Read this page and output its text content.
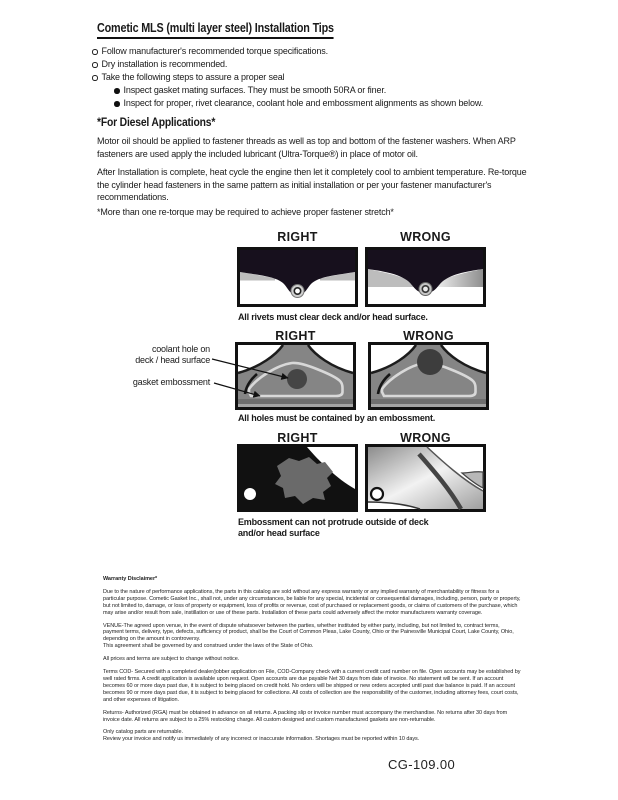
Cometic MLS (multi layer steel) Installation Tips
Follow manufacturer's recommended torque specifications.
Dry installation is recommended.
Take the following steps to assure a proper seal
Inspect gasket mating surfaces. They must be smooth 50RA or finer.
Inspect for proper, rivet clearance, coolant hole and embossment alignments as shown below.
*For Diesel Applications*
Motor oil should be applied to fastener threads as well as top and bottom of the fastener washers. When ARP fasteners are used apply the included lubricant (Ultra-Torque®) in place of motor oil.
After Installation is complete, heat cycle the engine then let it completely cool to ambient temperature. Re-torque the cylinder head fasteners in the same pattern as initial installation or per your fastener manufacturer's recommendations.
*More than one re-torque may be required to achieve proper fastener stretch*
RIGHT	WRONG
All rivets must clear deck and/or head surface.
RIGHT	WRONG
coolant hole on
deck / head surface
gasket embossment
All holes must be contained by an embossment.
RIGHT	WRONG
Embossment can not protrude outside of deck
and/or head surface

Warranty Disclaimer*

Due to the nature of performance applications, the parts in this catalog are sold without any express warranty or any implied warranty of merchantability or fitness for a particular purpose. Cometic Gasket Inc., shall not, under any circumstances, be liable for any special, incidental or consequential damages, including, person, party or property, but not limited to, damage, or loss of property or equipment, loss of profits or revenue, cost of purchased or replacement goods, or claims of customers of the purchase, which may arise and/or result from sale, instillation or use of these parts. Installation of these parts could adversely affect the motor manufacturers warranty coverage.

VENUE-The agreed upon venue, in the event of dispute whatsoever between the parties, whether instituted by either party, including, but not limited to, contract terms, payment terms, delivery, type, defects, sufficiency of product, shall be the Court of Common Pleas, Lake County, Ohio or the Painesville Municipal Court, Lake County, Ohio, depending on the amount in controversy.

This agreement shall be governed by and construed under the laws of the State of Ohio.

All prices and terms are subject to change without notice.

Terms COD- Secured with a completed dealer/jobber application on File, COD-Company check with a current credit card number on file. Open accounts may be established by well rated firms. A credit application is available upon request. Open accounts are due payable Net 30 days from date of invoice. No statement will be sent. If an account becomes 60 or more days past due, it is subject to being placed on credit hold. No orders will be shipped or new orders accepted until past due balance is paid. If an account becomes 90 or more days past due, it is subject to being placed for collections. All costs of collection are the responsibility of the customer, including attorney fees, court costs, and other expenses of litigation.

Returns- Authorized (RGA) must be obtained in advance on all returns. A packing slip or invoice number must accompany the merchandise. No returns after 30 days from invoice date. All returns are subject to a 25% restocking charge. All custom designed and custom manufactured gaskets are non-returnable.

Only catalog parts are returnable.

Review your invoice and notify us immediately of any incorrect or inaccurate information. Shortages must be reported within 10 days.

CG-109.00
